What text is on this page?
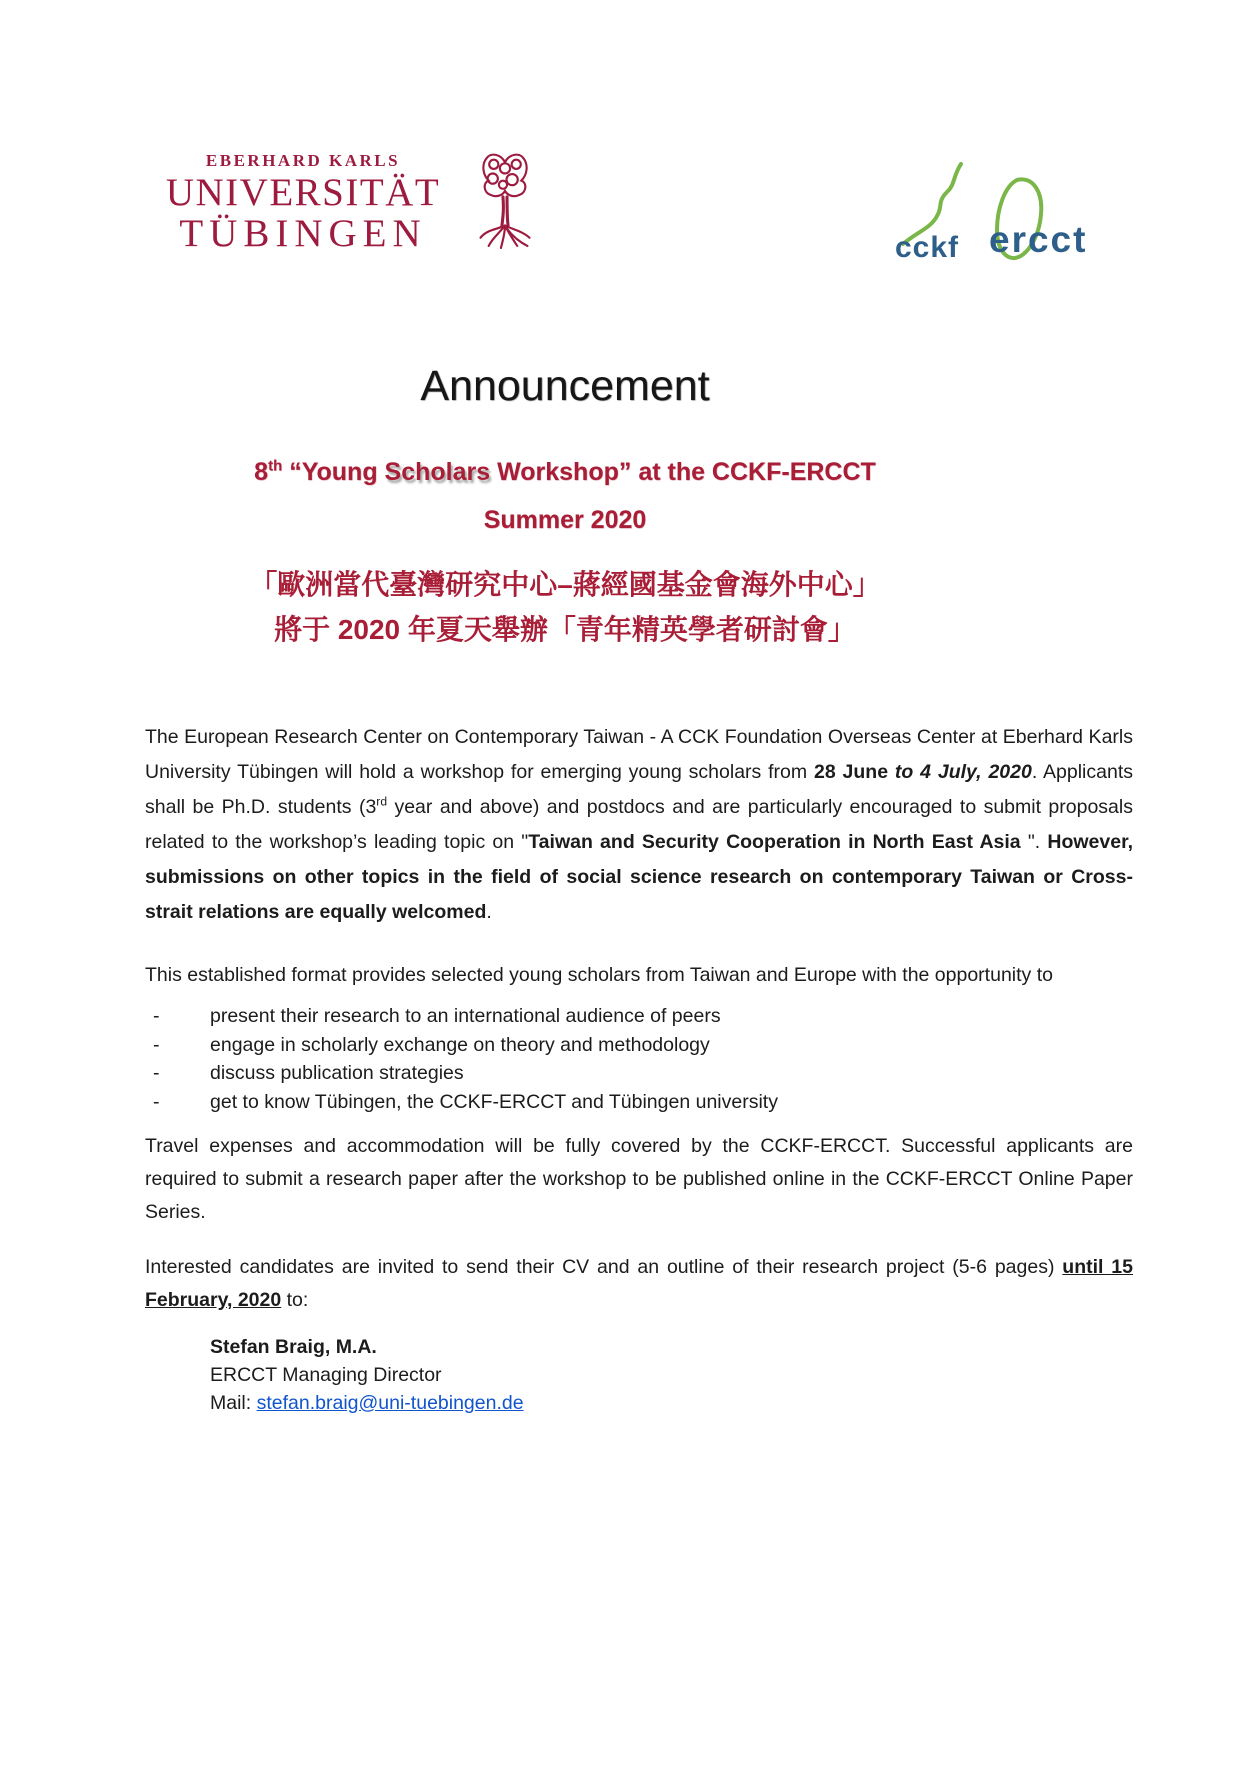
EBERHARD KARLS
UNIVERSITÄT
TÜBINGEN	cckf ercct
Announcement

8th “Young Scholars Workshop” at the CCKF-ERCCT

Summer 2020

「歐洲當代臺灣研究中心–蔣經國基金會海外中心」

將于 2020 年夏天舉辦「青年精英學者研討會」

The European Research Center on Contemporary Taiwan - A CCK Foundation Overseas Center at Eberhard Karls University Tübingen will hold a workshop for emerging young scholars from 28 June to 4 July, 2020. Applicants shall be Ph.D. students (3rd year and above) and postdocs and are particularly encouraged to submit proposals related to the workshop’s leading topic on "Taiwan and Security Cooperation in North East Asia ". However, submissions on other topics in the field of social science research on contemporary Taiwan or Cross-strait relations are equally welcomed.

This established format provides selected young scholars from Taiwan and Europe with the opportunity to

-	present their research to an international audience of peers
-	engage in scholarly exchange on theory and methodology
-	discuss publication strategies
-	get to know Tübingen, the CCKF-ERCCT and Tübingen university

Travel expenses and accommodation will be fully covered by the CCKF-ERCCT. Successful applicants are required to submit a research paper after the workshop to be published online in the CCKF-ERCCT Online Paper Series.

Interested candidates are invited to send their CV and an outline of their research project (5-6 pages) until 15 February, 2020 to:

Stefan Braig, M.A.
ERCCT Managing Director
Mail: stefan.braig@uni-tuebingen.de
